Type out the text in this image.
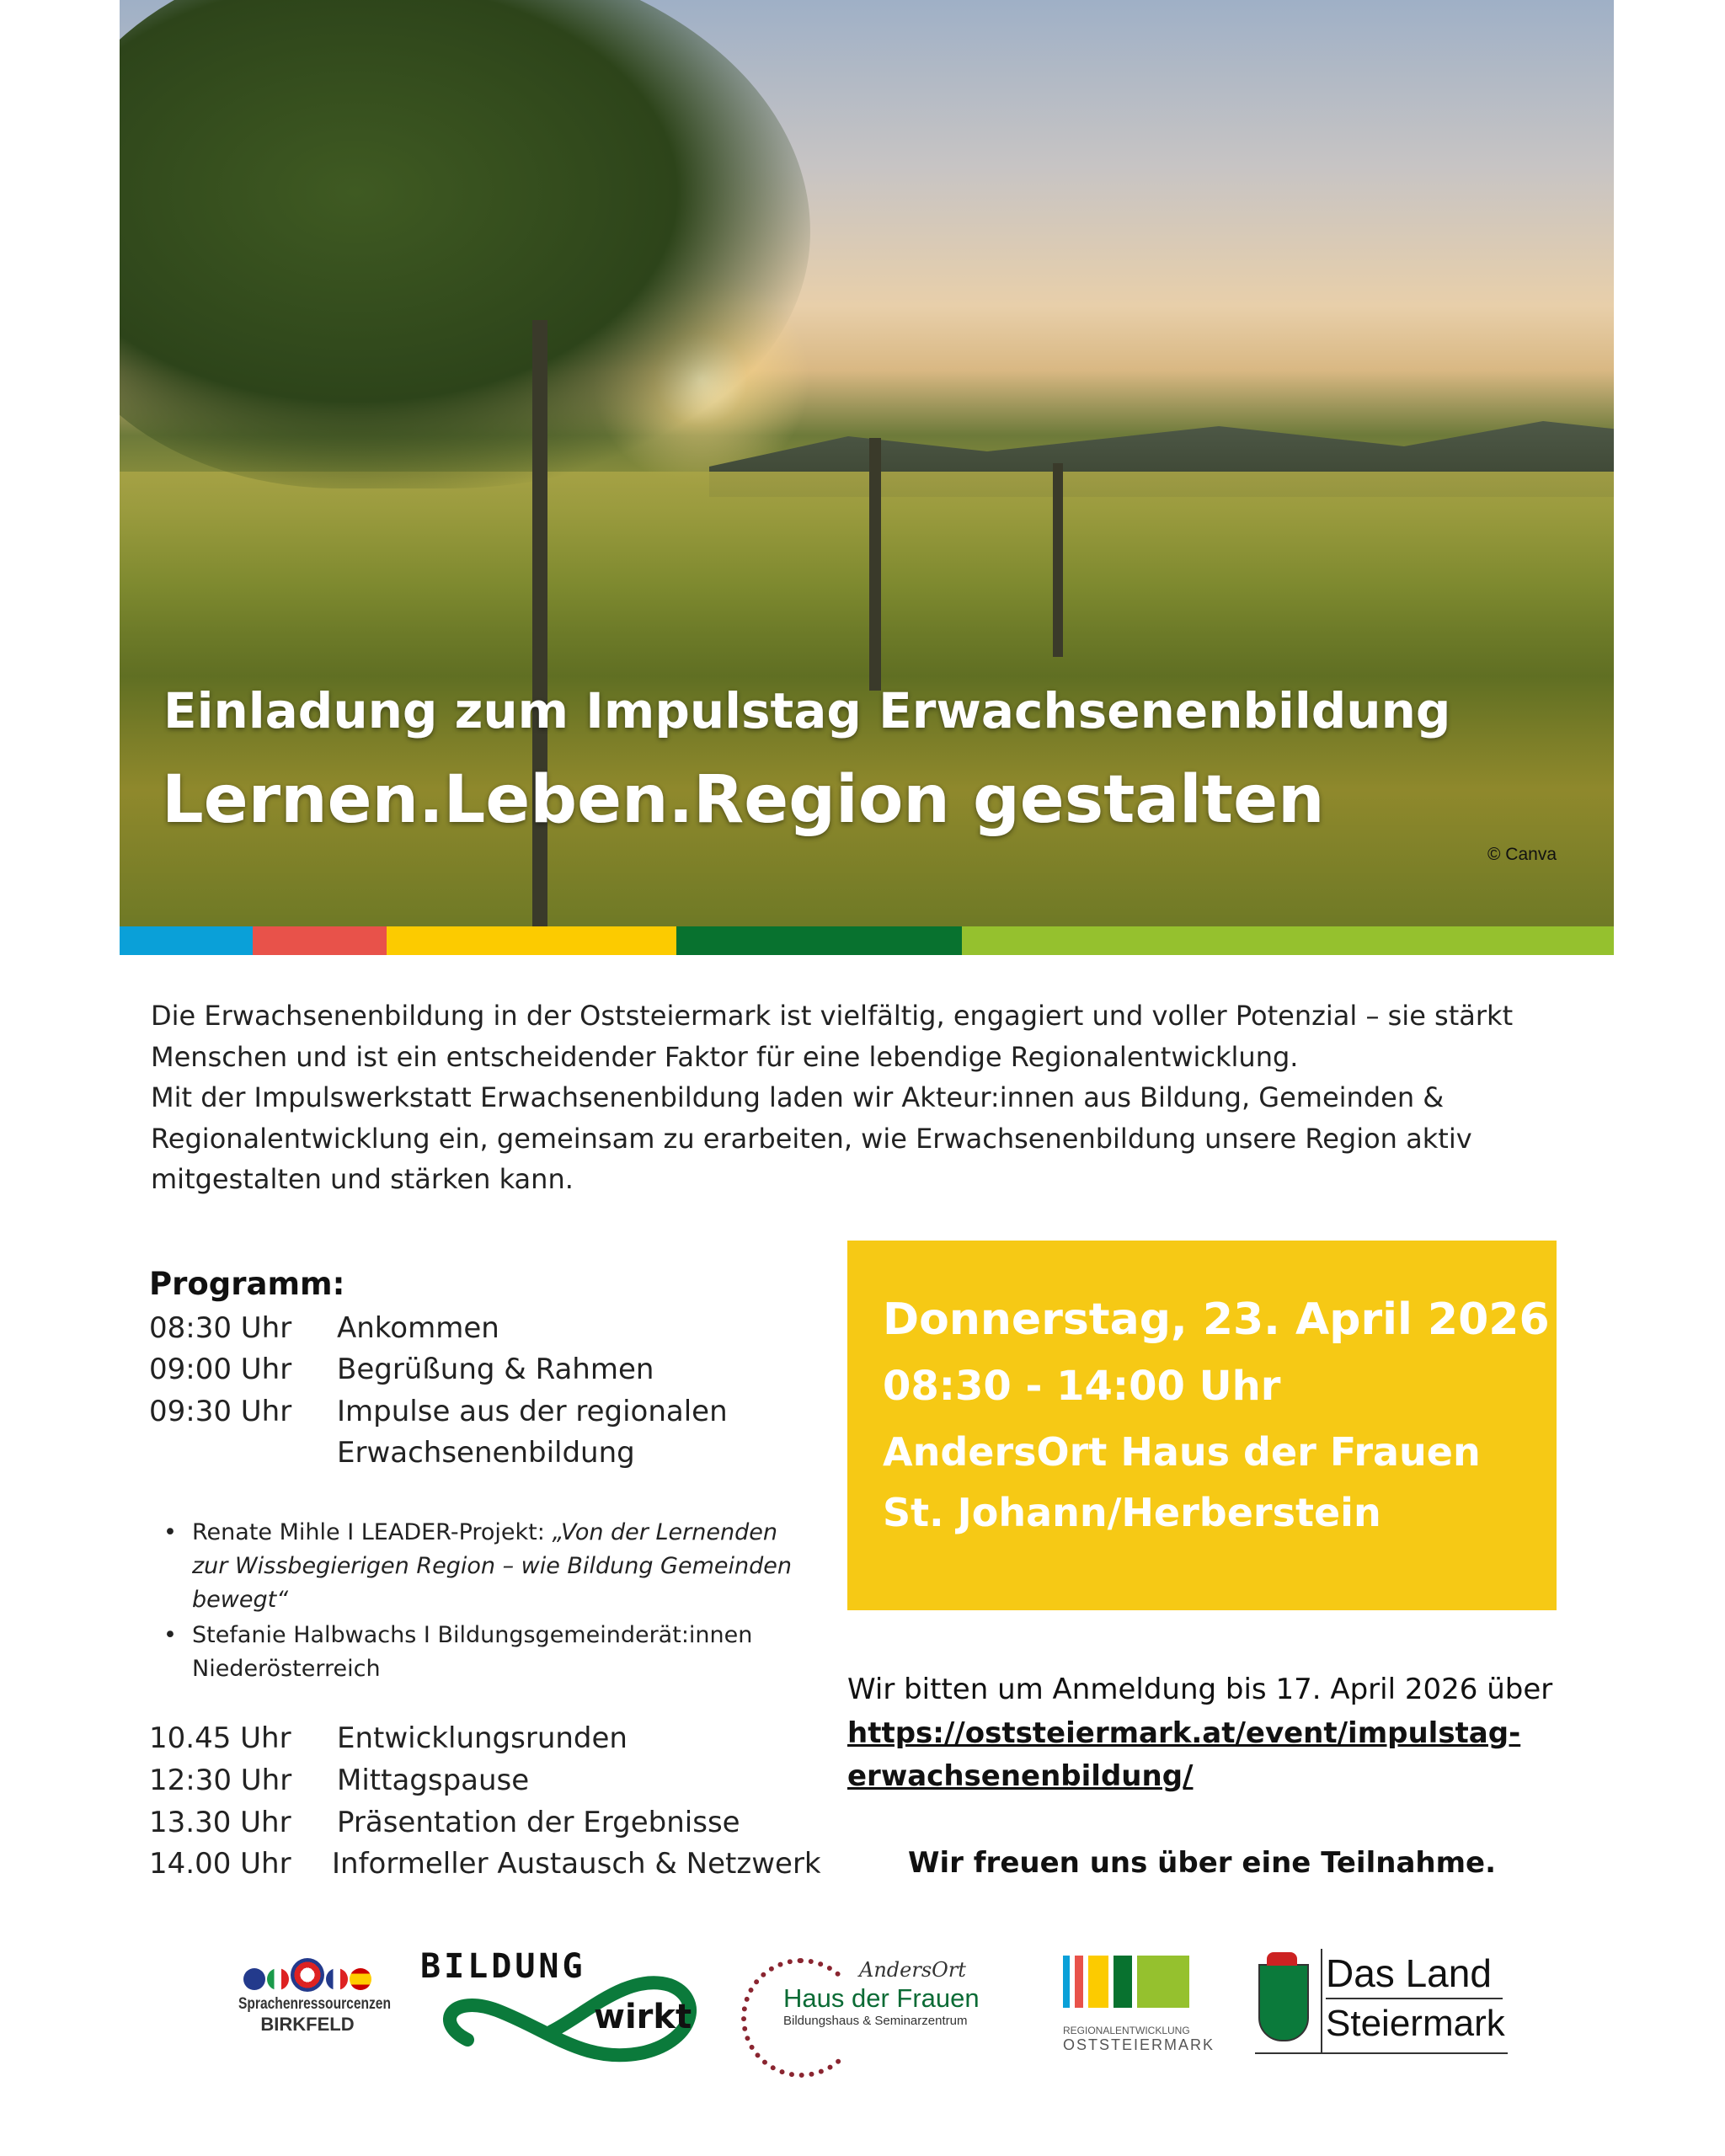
Einladung zum Impulstag Erwachsenenbildung
Lernen.Leben.Region gestalten
© Canva

Die Erwachsenenbildung in der Oststeiermark ist vielfältig, engagiert und voller Potenzial – sie stärkt Menschen und ist ein entscheidender Faktor für eine lebendige Regionalentwicklung.

Mit der Impulswerkstatt Erwachsenenbildung laden wir Akteur:innen aus Bildung, Gemeinden & Regionalentwicklung ein, gemeinsam zu erarbeiten, wie Erwachsenenbildung unsere Region aktiv mitgestalten und stärken kann.

Programm:
08:30 Uhr Ankommen
09:00 Uhr Begrüßung & Rahmen
09:30 Uhr Impulse aus der regionalen
Erwachsenenbildung
• Renate Mihle I LEADER-Projekt: „Von der Lernenden zur Wissbegierigen Region – wie Bildung Gemeinden bewegt“
• Stefanie Halbwachs I Bildungsgemeinderät:innen Niederösterreich
10.45 Uhr Entwicklungsrunden
12:30 Uhr Mittagspause
13.30 Uhr Präsentation der Ergebnisse
14.00 Uhr Informeller Austausch & Netzwerk
Donnerstag, 23. April 2026
08:30 - 14:00 Uhr
AndersOrt Haus der Frauen
St. Johann/Herberstein
Wir bitten um Anmeldung bis 17. April 2026 über
https://oststeiermark.at/event/impulstag-
erwachsenenbildung/
Wir freuen uns über eine Teilnahme.
Sprachenressourcenzen
BIRKFELD
BILDUNG
wirkt
AndersOrt
Haus der Frauen
Bildungshaus & Seminarzentrum
REGIONALENTWICKLUNG
OSTSTEIERMARK
Das Land
Steiermark
